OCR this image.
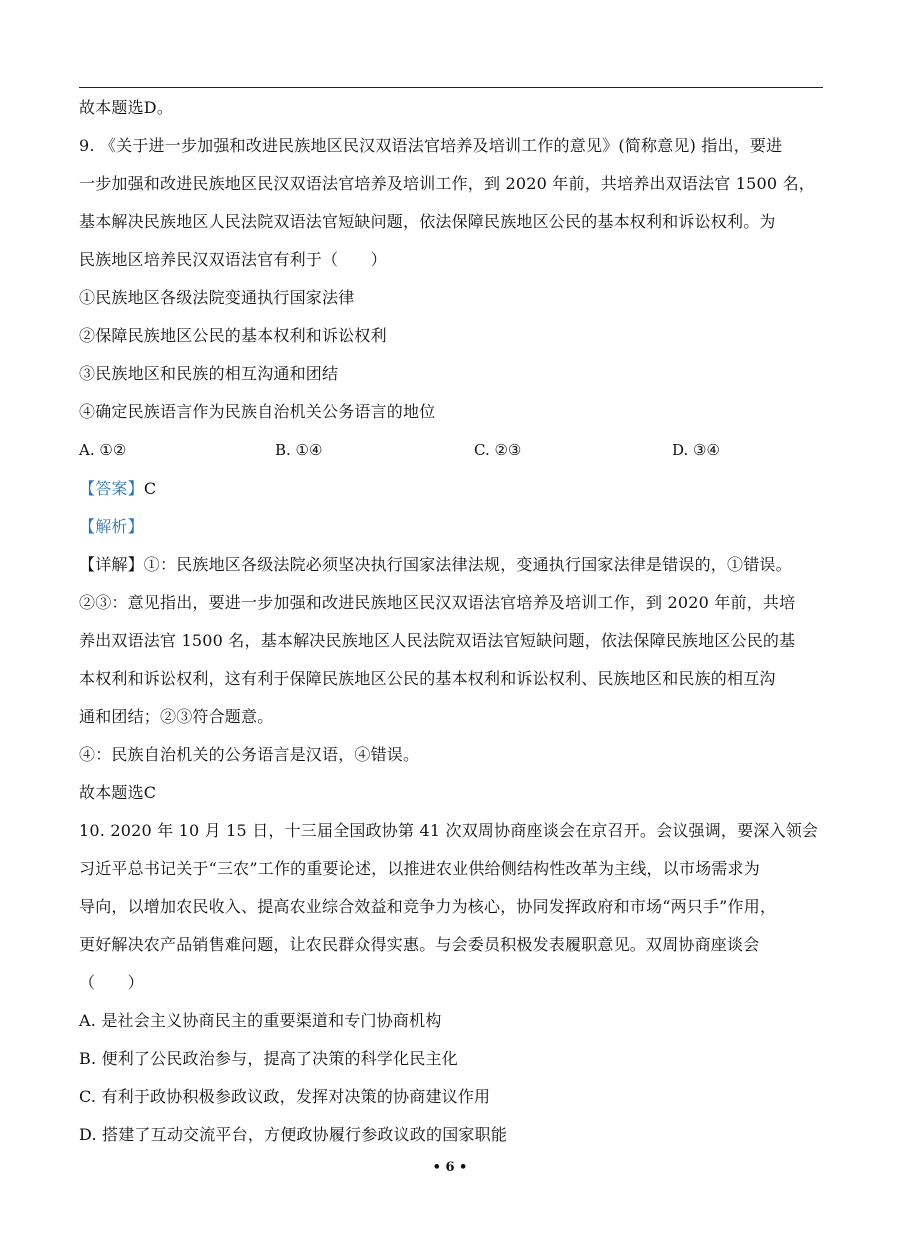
故本题选D。
9. 《关于进一步加强和改进民族地区民汉双语法官培养及培训工作的意见》(简称意见) 指出，要进
一步加强和改进民族地区民汉双语法官培养及培训工作，到 2020 年前，共培养出双语法官 1500 名，
基本解决民族地区人民法院双语法官短缺问题，依法保障民族地区公民的基本权利和诉讼权利。为
民族地区培养民汉双语法官有利于（　　）
①民族地区各级法院变通执行国家法律
②保障民族地区公民的基本权利和诉讼权利
③民族地区和民族的相互沟通和团结
④确定民族语言作为民族自治机关公务语言的地位
A. ①②	B. ①④	C. ②③	D. ③④
【答案】C
【解析】
【详解】①：民族地区各级法院必须坚决执行国家法律法规，变通执行国家法律是错误的，①错误。
②③：意见指出，要进一步加强和改进民族地区民汉双语法官培养及培训工作，到 2020 年前，共培
养出双语法官 1500 名，基本解决民族地区人民法院双语法官短缺问题，依法保障民族地区公民的基
本权利和诉讼权利，这有利于保障民族地区公民的基本权利和诉讼权利、民族地区和民族的相互沟
通和团结；②③符合题意。
④：民族自治机关的公务语言是汉语，④错误。
故本题选C
10. 2020 年 10 月 15 日，十三届全国政协第 41 次双周协商座谈会在京召开。会议强调，要深入领会
习近平总书记关于“三农”工作的重要论述，以推进农业供给侧结构性改革为主线，以市场需求为
导向，以增加农民收入、提高农业综合效益和竞争力为核心，协同发挥政府和市场“两只手”作用，
更好解决农产品销售难问题，让农民群众得实惠。与会委员积极发表履职意见。双周协商座谈会
（　　）
A. 是社会主义协商民主的重要渠道和专门协商机构
B. 便利了公民政治参与，提高了决策的科学化民主化
C. 有利于政协积极参政议政，发挥对决策的协商建议作用
D. 搭建了互动交流平台，方便政协履行参政议政的国家职能
• 6 •
